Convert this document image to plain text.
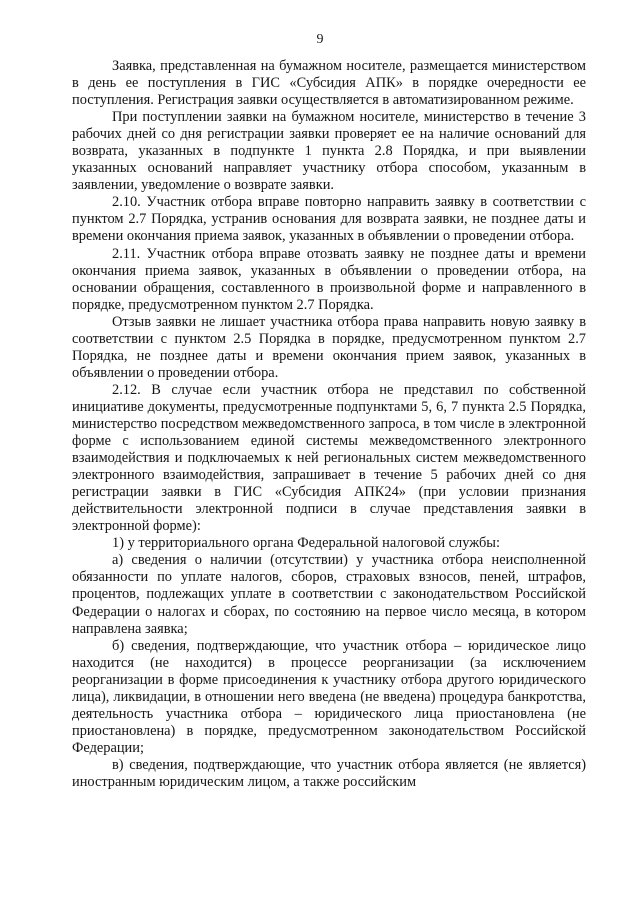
9

Заявка, представленная на бумажном носителе, размещается министерством в день ее поступления в ГИС «Субсидия АПК» в порядке очередности ее поступления. Регистрация заявки осуществляется в автоматизированном режиме.

При поступлении заявки на бумажном носителе, министерство в течение 3 рабочих дней со дня регистрации заявки проверяет ее на наличие оснований для возврата, указанных в подпункте 1 пункта 2.8 Порядка, и при выявлении указанных оснований направляет участнику отбора способом, указанным в заявлении, уведомление о возврате заявки.

2.10. Участник отбора вправе повторно направить заявку в соответствии с пунктом 2.7 Порядка, устранив основания для возврата заявки, не позднее даты и времени окончания приема заявок, указанных в объявлении о проведении отбора.

2.11. Участник отбора вправе отозвать заявку не позднее даты и времени окончания приема заявок, указанных в объявлении о проведении отбора, на основании обращения, составленного в произвольной форме и направленного в порядке, предусмотренном пунктом 2.7 Порядка.

Отзыв заявки не лишает участника отбора права направить новую заявку в соответствии с пунктом 2.5 Порядка в порядке, предусмотренном пунктом 2.7 Порядка, не позднее даты и времени окончания прием заявок, указанных в объявлении о проведении отбора.

2.12. В случае если участник отбора не представил по собственной инициативе документы, предусмотренные подпунктами 5, 6, 7 пункта 2.5 Порядка, министерство посредством межведомственного запроса, в том числе в электронной форме с использованием единой системы межведомственного электронного взаимодействия и подключаемых к ней региональных систем межведомственного электронного взаимодействия, запрашивает в течение 5 рабочих дней со дня регистрации заявки в ГИС «Субсидия АПК24» (при условии признания действительности электронной подписи в случае представления заявки в электронной форме):

1) у территориального органа Федеральной налоговой службы:

а) сведения о наличии (отсутствии) у участника отбора неисполненной обязанности по уплате налогов, сборов, страховых взносов, пеней, штрафов, процентов, подлежащих уплате в соответствии с законодательством Российской Федерации о налогах и сборах, по состоянию на первое число месяца, в котором направлена заявка;

б) сведения, подтверждающие, что участник отбора – юридическое лицо находится (не находится) в процессе реорганизации (за исключением реорганизации в форме присоединения к участнику отбора другого юридического лица), ликвидации, в отношении него введена (не введена) процедура банкротства, деятельность участника отбора – юридического лица приостановлена (не приостановлена) в порядке, предусмотренном законодательством Российской Федерации;

в) сведения, подтверждающие, что участник отбора является (не является) иностранным юридическим лицом, а также российским
